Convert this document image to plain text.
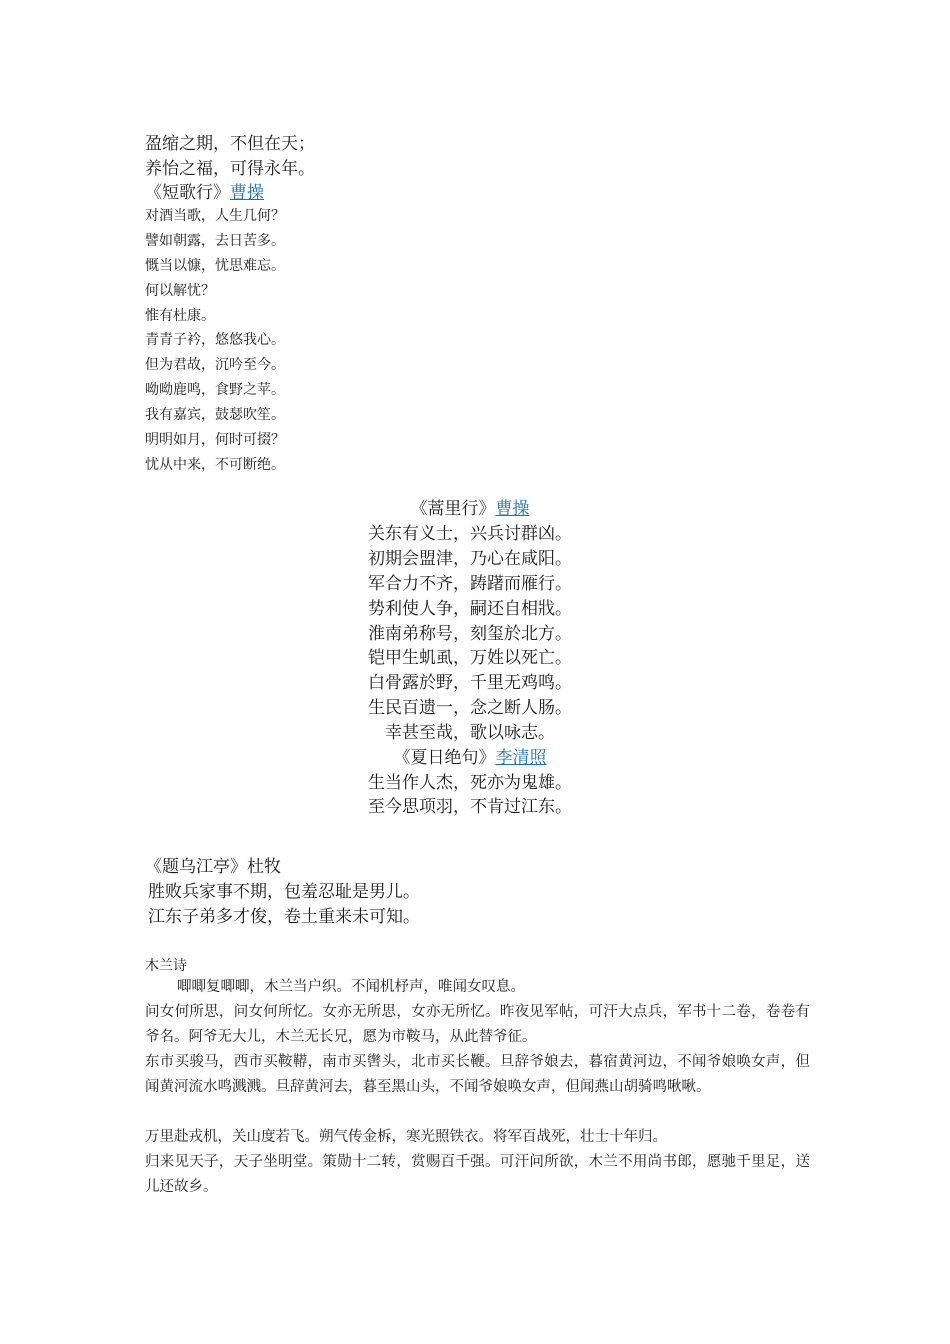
盈缩之期，不但在天；

养怡之福，可得永年。

《短歌行》曹操

对酒当歌，人生几何？

譬如朝露，去日苦多。

慨当以慷，忧思难忘。

何以解忧？

惟有杜康。

青青子衿，悠悠我心。

但为君故，沉吟至今。

呦呦鹿鸣，食野之苹。

我有嘉宾，鼓瑟吹笙。

明明如月，何时可掇？

忧从中来，不可断绝。

《蒿里行》曹操

关东有义士，兴兵讨群凶。

初期会盟津，乃心在咸阳。

军合力不齐，踌躇而雁行。

势利使人争，嗣还自相戕。

淮南弟称号，刻玺於北方。

铠甲生虮虱，万姓以死亡。

白骨露於野，千里无鸡鸣。

生民百遗一，念之断人肠。

幸甚至哉，歌以咏志。

《夏日绝句》李清照

生当作人杰，死亦为鬼雄。

至今思项羽，不肯过江东。

《题乌江亭》杜牧

胜败兵家事不期，包羞忍耻是男儿。

江东子弟多才俊，卷土重来未可知。

木兰诗

唧唧复唧唧，木兰当户织。不闻机杼声，唯闻女叹息。

问女何所思，问女何所忆。女亦无所思，女亦无所忆。昨夜见军帖，可汗大点兵，军书十二卷，卷卷有爷名。阿爷无大儿，木兰无长兄，愿为市鞍马，从此替爷征。

东市买骏马，西市买鞍鞯，南市买辔头，北市买长鞭。旦辞爷娘去，暮宿黄河边，不闻爷娘唤女声，但闻黄河流水鸣溅溅。旦辞黄河去，暮至黑山头，不闻爷娘唤女声，但闻燕山胡骑鸣啾啾。

万里赴戎机，关山度若飞。朔气传金柝，寒光照铁衣。将军百战死，壮士十年归。

归来见天子，天子坐明堂。策勋十二转，赏赐百千强。可汗问所欲，木兰不用尚书郎，愿驰千里足，送儿还故乡。
